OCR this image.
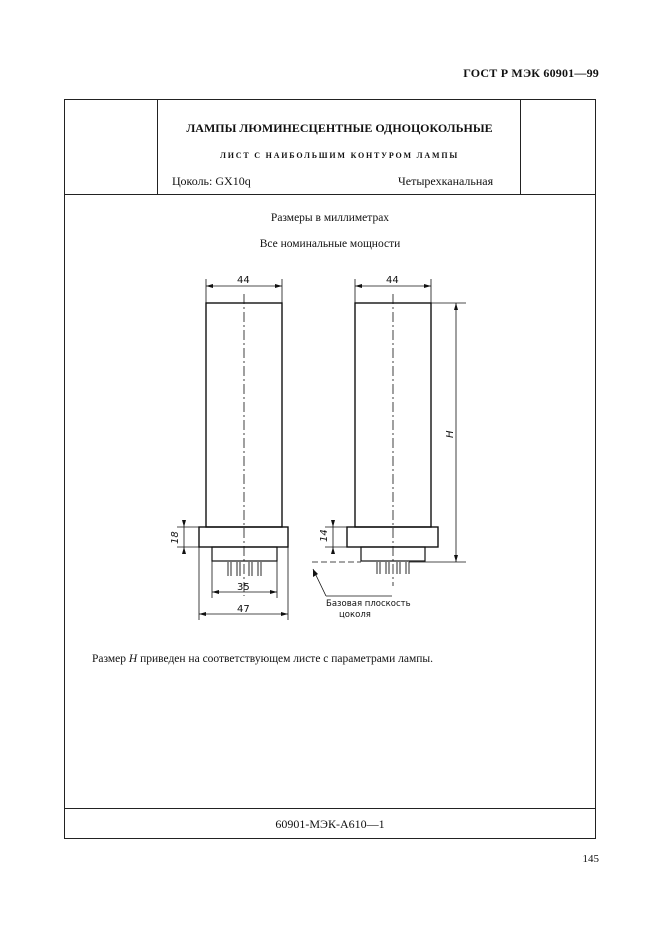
ГОСТ Р МЭК 60901—99
ЛАМПЫ ЛЮМИНЕСЦЕНТНЫЕ ОДНОЦОКОЛЬНЫЕ
ЛИСТ С НАИБОЛЬШИМ КОНТУРОМ ЛАМПЫ
Цоколь: GX10q	Четырехканальная
Размеры в миллиметрах
Все номинальные мощности
44	44
18	14
35
47
H
Базовая плоскость
цоколя
Размер H приведен на соответствующем листе с параметрами лампы.
60901-МЭК-А610—1
145
